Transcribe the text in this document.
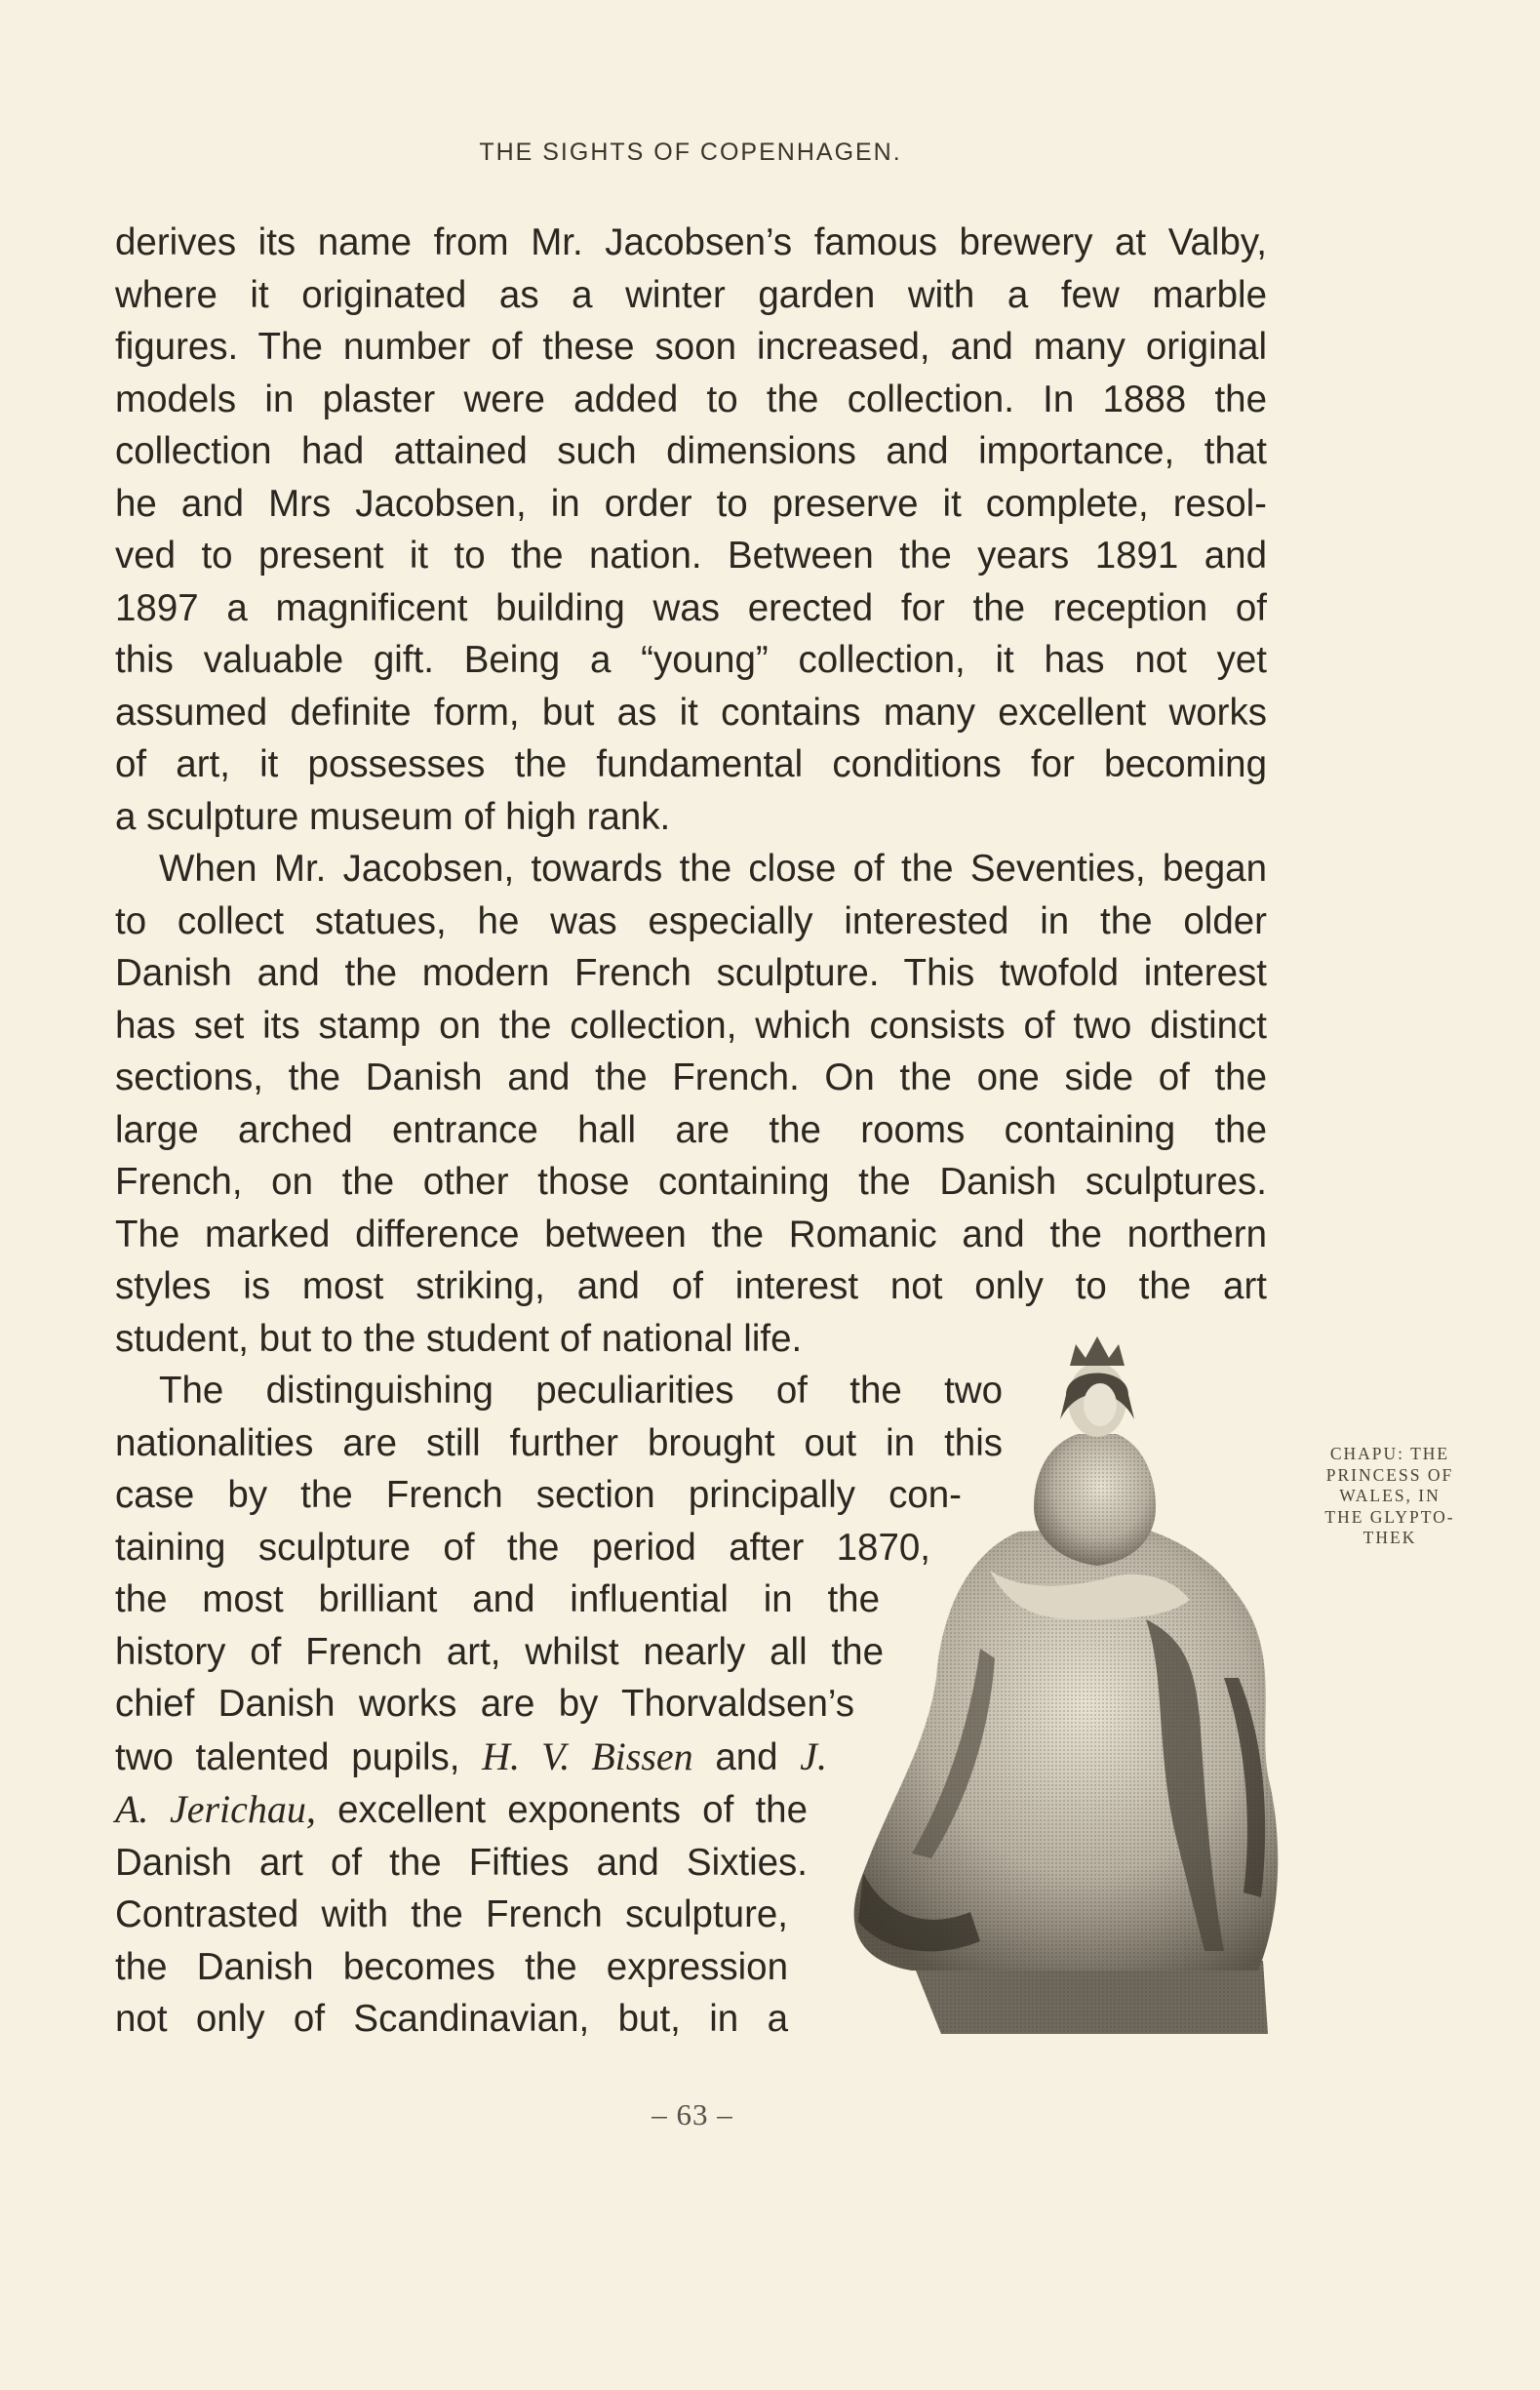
THE SIGHTS OF COPENHAGEN.
derives its name from Mr. Jacobsen’s famous brewery at Valby,
where it originated as a winter garden with a few marble
figures. The number of these soon increased, and many original
models in plaster were added to the collection. In 1888 the
collection had attained such dimensions and importance, that
he and Mrs Jacobsen, in order to preserve it complete, resol-
ved to present it to the nation. Between the years 1891 and
1897 a magnificent building was erected for the reception of
this valuable gift. Being a “young” collection, it has not yet
assumed definite form, but as it contains many excellent works
of art, it possesses the fundamental conditions for becoming
a sculpture museum of high rank.
When Mr. Jacobsen, towards the close of the Seventies, began
to collect statues, he was especially interested in the older
Danish and the modern French sculpture. This twofold interest
has set its stamp on the collection, which consists of two distinct
sections, the Danish and the French. On the one side of the
large arched entrance hall are the rooms containing the
French, on the other those containing the Danish sculptures.
The marked difference between the Romanic and the northern
styles is most striking, and of interest not only to the art
student, but to the student of national life.
The distinguishing peculiarities of the two
nationalities are still further brought out in this
case by the French section principally con-
taining sculpture of the period after 1870,
the most brilliant and influential in the
history of French art, whilst nearly all the
chief Danish works are by Thorvaldsen’s
two talented pupils, H. V. Bissen and J.
A. Jerichau, excellent exponents of the
Danish art of the Fifties and Sixties.
Contrasted with the French sculpture,
the Danish becomes the expression
not only of Scandinavian, but, in a
CHAPU: THE
PRINCESS OF
WALES, IN
THE GLYPTO-
THEK
– 63 –
